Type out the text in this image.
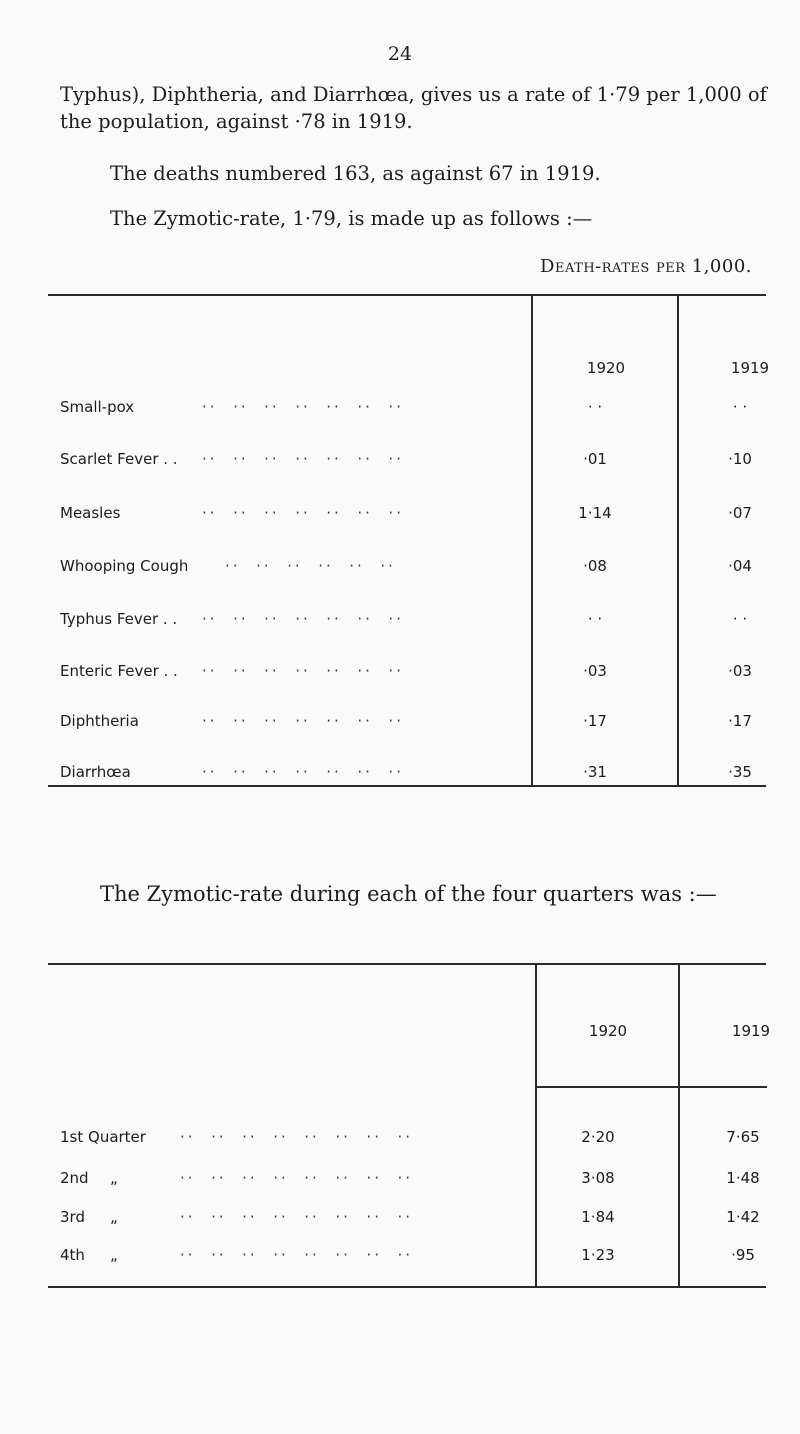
24

Typhus), Diphtheria, and Diarrhœa, gives us a rate of 1·79 per 1,000 of the population, against ·78 in 1919.

The deaths numbered 163, as against 67 in 1919.

The Zymotic-rate, 1·79, is made up as follows :—

Death-rates per 1,000.
1920	1919
Small-pox	··  ··  ··  ··  ··  ··  ··	· ·	· ·
Scarlet Fever . . ··  ··  ··  ··  ··  ··  ··	·01	·10
Measles	··  ··  ··  ··  ··  ··  ··	1·14	·07
Whooping Cough ··  ··  ··  ··  ··  ··	·08	·04
Typhus Fever . . ··  ··  ··  ··  ··  ··  ··	· ·	· ·
Enteric Fever . . ··  ··  ··  ··  ··  ··  ··	·03	·03
Diphtheria	··  ··  ··  ··  ··  ··  ··	·17	·17
Diarrhœa	··  ··  ··  ··  ··  ··  ··	·31	·35
The Zymotic-rate during each of the four quarters was :—
1920	1919
1st Quarter ··  ··  ··  ··  ··  ··  ··  ··	2·20	7·65
2nd „	··  ··  ··  ··  ··  ··  ··  ··	3·08	1·48
3rd „	··  ··  ··  ··  ··  ··  ··  ··	1·84	1·42
4th „	··  ··  ··  ··  ··  ··  ··  ··	1·23	·95
